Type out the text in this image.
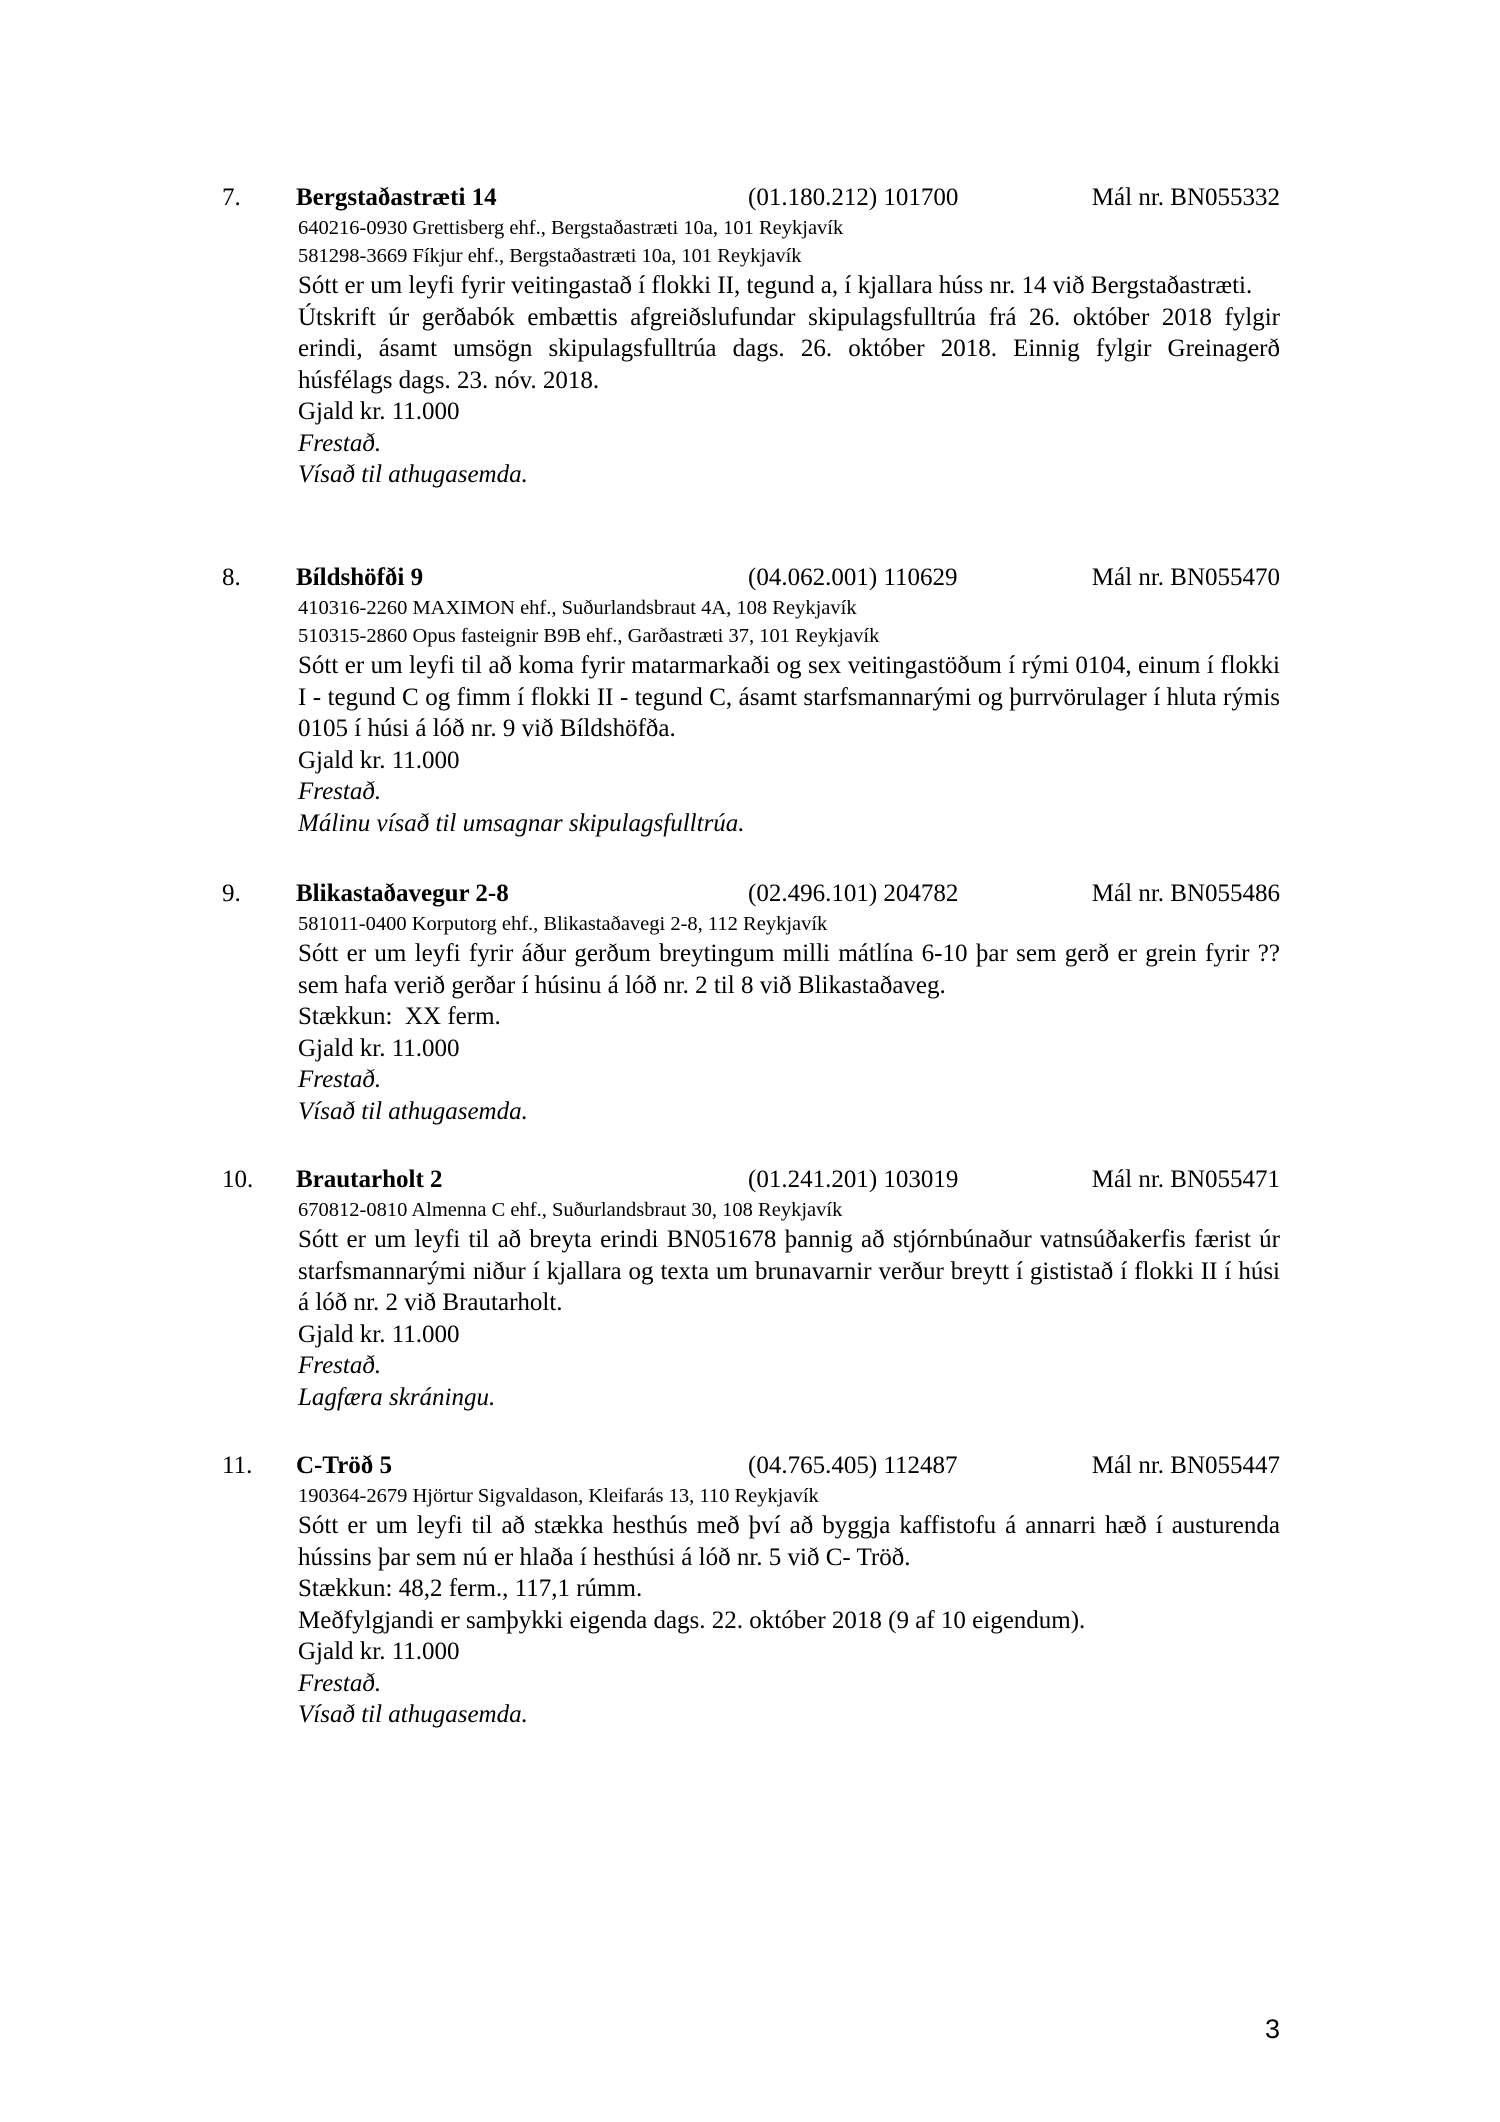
7. Bergstaðastræti 14	(01.180.212) 101700	Mál nr. BN055332
640216-0930 Grettisberg ehf., Bergstaðastræti 10a, 101 Reykjavík
581298-3669 Fíkjur ehf., Bergstaðastræti 10a, 101 Reykjavík

Sótt er um leyfi fyrir veitingastað í flokki II, tegund a, í kjallara húss nr. 14 við Bergstaðastræti.

Útskrift úr gerðabók embættis afgreiðslufundar skipulagsfulltrúa frá 26. október 2018 fylgir erindi, ásamt umsögn skipulagsfulltrúa dags. 26. október 2018. Einnig fylgir Greinagerð húsfélags dags. 23. nóv. 2018.

Gjald kr. 11.000
Frestað.
Vísað til athugasemda.
8. Bíldshöfði 9	(04.062.001) 110629	Mál nr. BN055470
410316-2260 MAXIMON ehf., Suðurlandsbraut 4A, 108 Reykjavík
510315-2860 Opus fasteignir B9B ehf., Garðastræti 37, 101 Reykjavík

Sótt er um leyfi til að koma fyrir matarmarkaði og sex veitingastöðum í rými 0104, einum í flokki I - tegund C og fimm í flokki II - tegund C, ásamt starfsmannarými og þurrvörulager í hluta rýmis 0105 í húsi á lóð nr. 9 við Bíldshöfða.

Gjald kr. 11.000
Frestað.
Málinu vísað til umsagnar skipulagsfulltrúa.
9. Blikastaðavegur 2-8	(02.496.101) 204782	Mál nr. BN055486
581011-0400 Korputorg ehf., Blikastaðavegi 2-8, 112 Reykjavík

Sótt er um leyfi fyrir áður gerðum breytingum milli mátlína 6-10 þar sem gerð er grein fyrir ?? sem hafa verið gerðar í húsinu á lóð nr. 2 til 8 við Blikastaðaveg.

Stækkun:  XX ferm.
Gjald kr. 11.000
Frestað.
Vísað til athugasemda.
10. Brautarholt 2	(01.241.201) 103019	Mál nr. BN055471
670812-0810 Almenna C ehf., Suðurlandsbraut 30, 108 Reykjavík

Sótt er um leyfi til að breyta erindi BN051678 þannig að stjórnbúnaður vatnsúðakerfis færist úr starfsmannarými niður í kjallara og texta um brunavarnir verður breytt í gististað í flokki II í húsi á lóð nr. 2 við Brautarholt.

Gjald kr. 11.000
Frestað.
Lagfæra skráningu.
11. C-Tröð 5	(04.765.405) 112487	Mál nr. BN055447
190364-2679 Hjörtur Sigvaldason, Kleifarás 13, 110 Reykjavík

Sótt er um leyfi til að stækka hesthús með því að byggja kaffistofu á annarri hæð í austurenda hússins þar sem nú er hlaða í hesthúsi á lóð nr. 5 við C- Tröð.

Stækkun: 48,2 ferm., 117,1 rúmm.
Meðfylgjandi er samþykki eigenda dags. 22. október 2018 (9 af 10 eigendum).
Gjald kr. 11.000
Frestað.
Vísað til athugasemda.
3
